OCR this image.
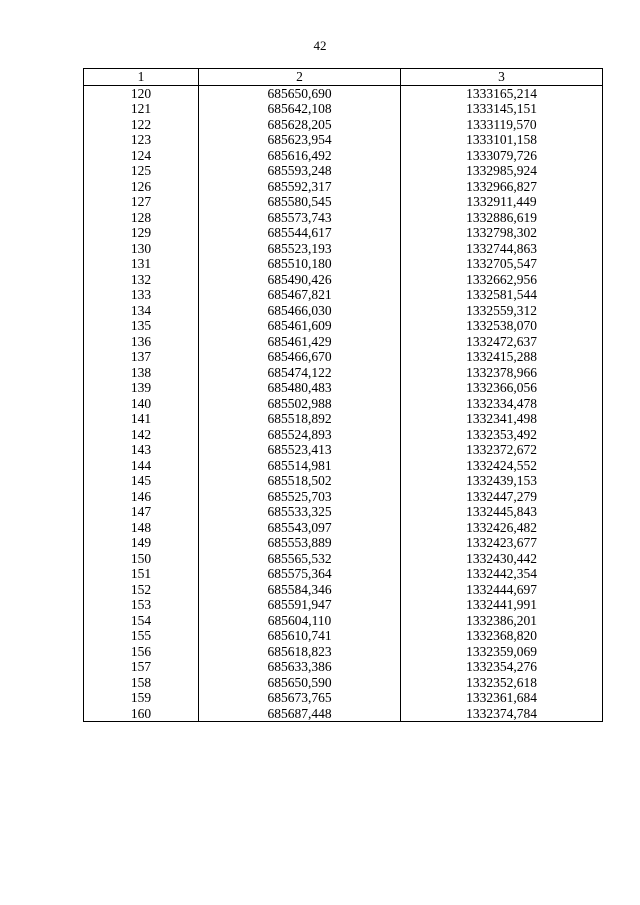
42
1	2	3
120	685650,690	1333165,214
121	685642,108	1333145,151
122	685628,205	1333119,570
123	685623,954	1333101,158
124	685616,492	1333079,726
125	685593,248	1332985,924
126	685592,317	1332966,827
127	685580,545	1332911,449
128	685573,743	1332886,619
129	685544,617	1332798,302
130	685523,193	1332744,863
131	685510,180	1332705,547
132	685490,426	1332662,956
133	685467,821	1332581,544
134	685466,030	1332559,312
135	685461,609	1332538,070
136	685461,429	1332472,637
137	685466,670	1332415,288
138	685474,122	1332378,966
139	685480,483	1332366,056
140	685502,988	1332334,478
141	685518,892	1332341,498
142	685524,893	1332353,492
143	685523,413	1332372,672
144	685514,981	1332424,552
145	685518,502	1332439,153
146	685525,703	1332447,279
147	685533,325	1332445,843
148	685543,097	1332426,482
149	685553,889	1332423,677
150	685565,532	1332430,442
151	685575,364	1332442,354
152	685584,346	1332444,697
153	685591,947	1332441,991
154	685604,110	1332386,201
155	685610,741	1332368,820
156	685618,823	1332359,069
157	685633,386	1332354,276
158	685650,590	1332352,618
159	685673,765	1332361,684
160	685687,448	1332374,784
